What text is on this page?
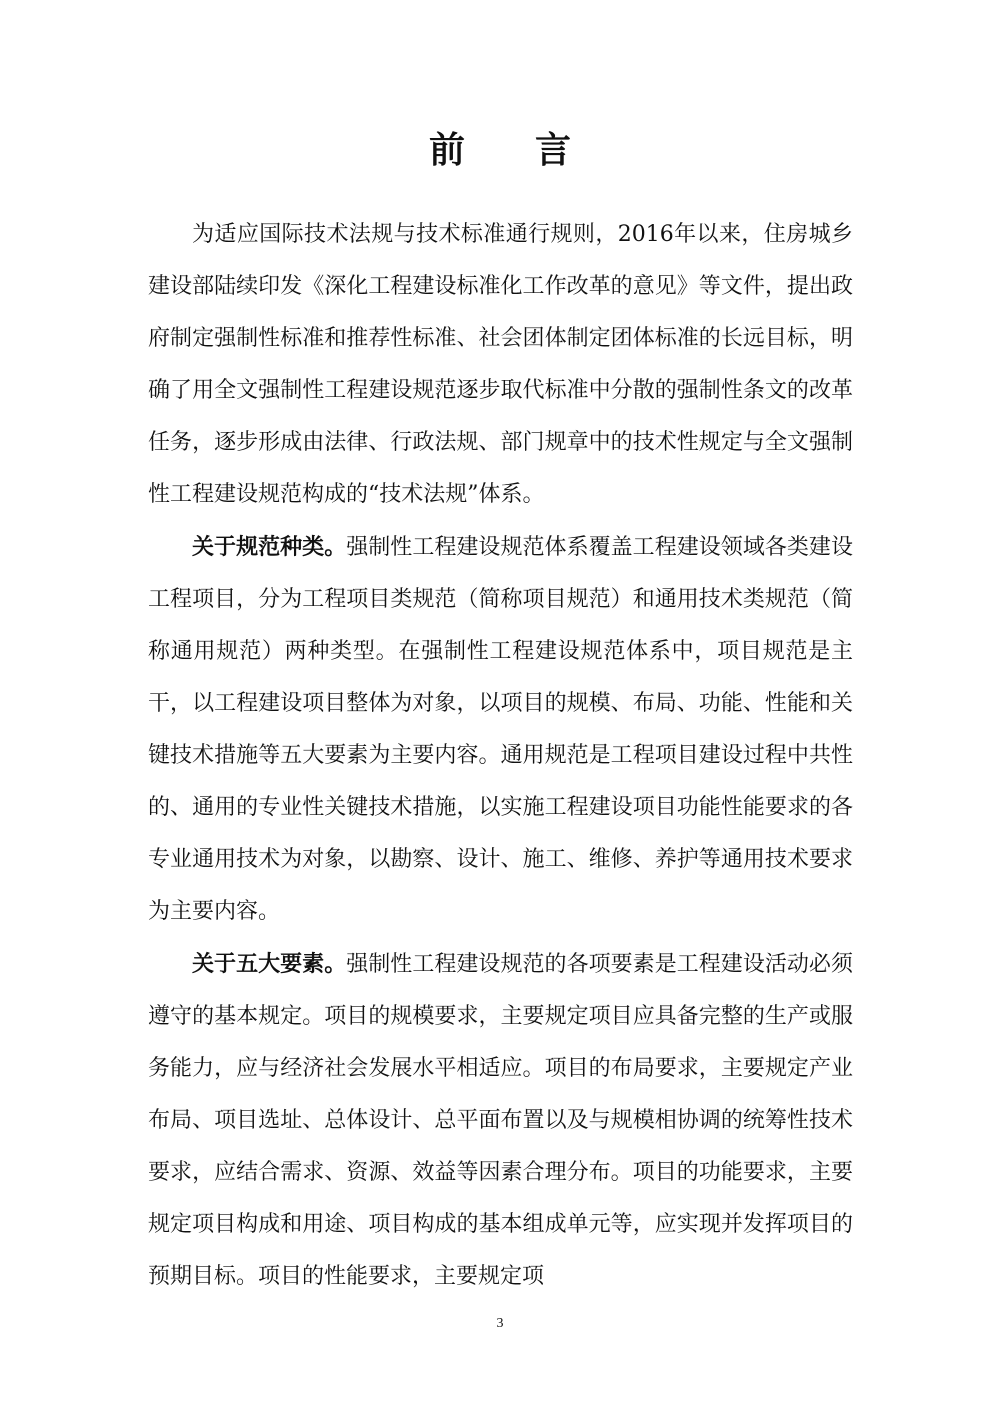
前 言

为适应国际技术法规与技术标准通行规则，2016年以来，住房城乡建设部陆续印发《深化工程建设标准化工作改革的意见》等文件，提出政府制定强制性标准和推荐性标准、社会团体制定团体标准的长远目标，明确了用全文强制性工程建设规范逐步取代标准中分散的强制性条文的改革任务，逐步形成由法律、行政法规、部门规章中的技术性规定与全文强制性工程建设规范构成的“技术法规”体系。

关于规范种类。强制性工程建设规范体系覆盖工程建设领域各类建设工程项目，分为工程项目类规范（简称项目规范）和通用技术类规范（简称通用规范）两种类型。在强制性工程建设规范体系中，项目规范是主干，以工程建设项目整体为对象，以项目的规模、布局、功能、性能和关键技术措施等五大要素为主要内容。通用规范是工程项目建设过程中共性的、通用的专业性关键技术措施，以实施工程建设项目功能性能要求的各专业通用技术为对象，以勘察、设计、施工、维修、养护等通用技术要求为主要内容。

关于五大要素。强制性工程建设规范的各项要素是工程建设活动必须遵守的基本规定。项目的规模要求，主要规定项目应具备完整的生产或服务能力，应与经济社会发展水平相适应。项目的布局要求，主要规定产业布局、项目选址、总体设计、总平面布置以及与规模相协调的统筹性技术要求，应结合需求、资源、效益等因素合理分布。项目的功能要求，主要规定项目构成和用途、项目构成的基本组成单元等，应实现并发挥项目的预期目标。项目的性能要求，主要规定项

3
